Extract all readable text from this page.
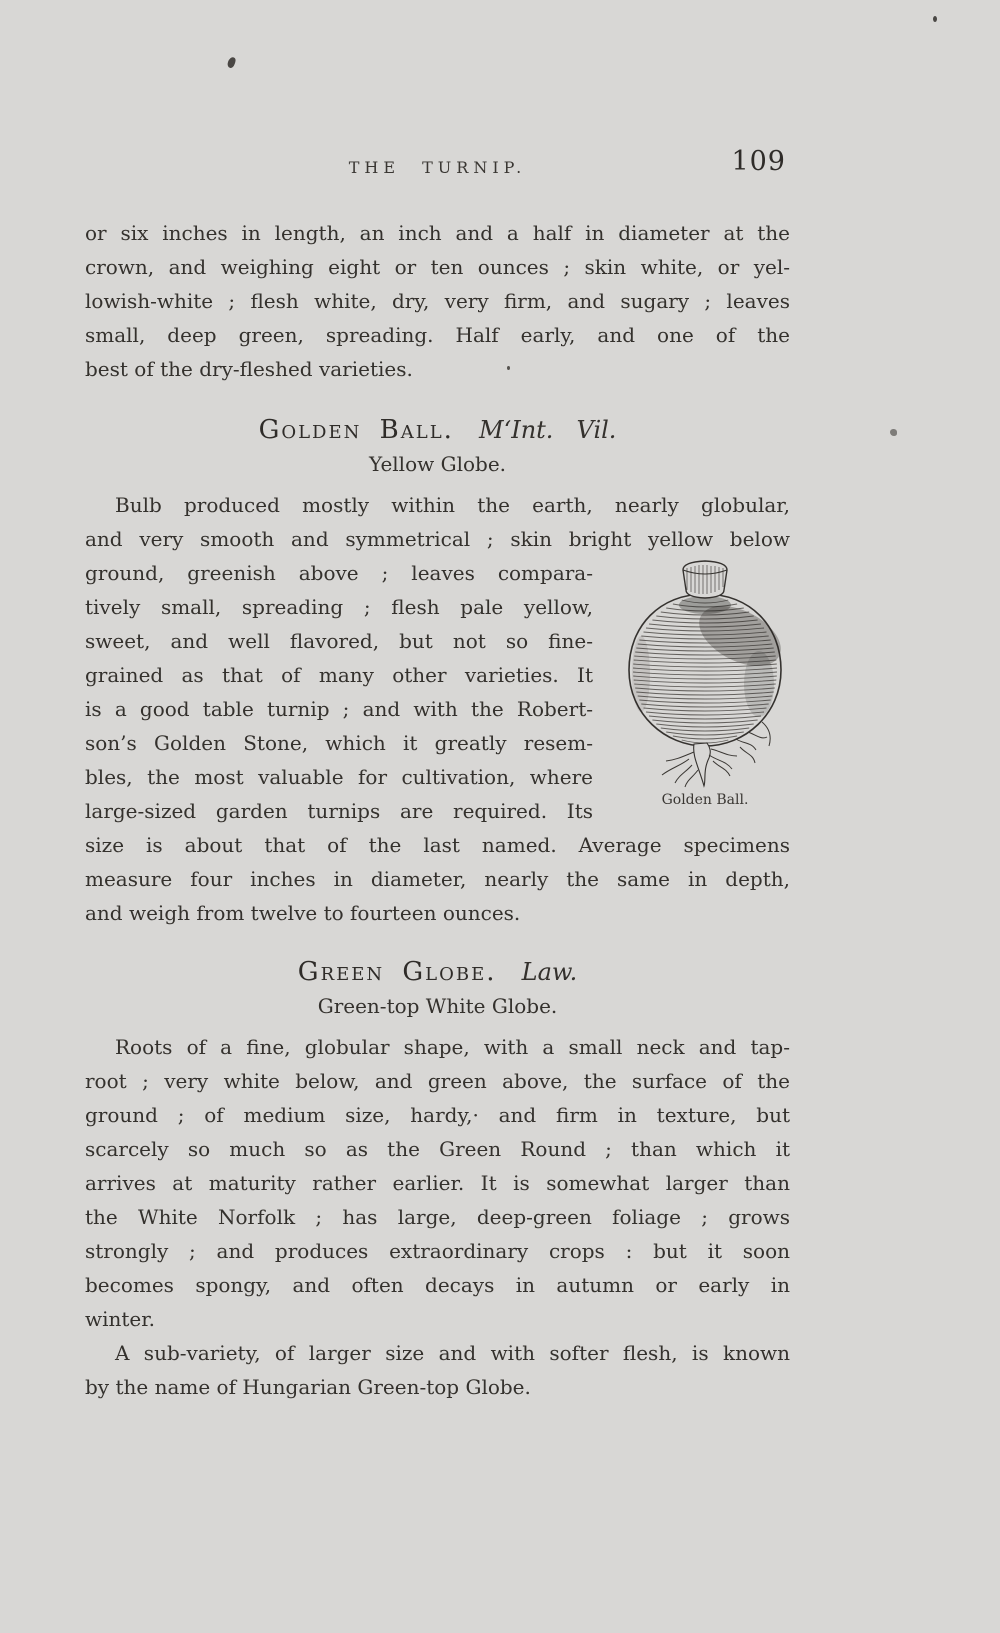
THE TURNIP.	109
or six inches in length, an inch and a half in diameter at the
crown, and weighing eight or ten ounces ; skin white, or yel-
lowish-white ; flesh white, dry, very firm, and sugary ; leaves
small, deep green, spreading. Half early, and one of the
best of the dry-fleshed varieties.
Golden Ball. M‘Int. Vil.
Yellow Globe.
Bulb produced mostly within the earth, nearly globular,
and very smooth and symmetrical ; skin bright yellow below
ground, greenish above ; leaves compara-
tively small, spreading ; flesh pale yellow,
sweet, and well flavored, but not so fine-
grained as that of many other varieties. It
is a good table turnip ; and with the Robert-
son’s Golden Stone, which it greatly resem-
bles, the most valuable for cultivation, where
large-sized garden turnips are required. Its
size is about that of the last named. Average specimens
measure four inches in diameter, nearly the same in depth,
and weigh from twelve to fourteen ounces.
Green Globe. Law.
Green-top White Globe.
Roots of a fine, globular shape, with a small neck and tap-
root ; very white below, and green above, the surface of the
ground ; of medium size, hardy,· and firm in texture, but
scarcely so much so as the Green Round ; than which it
arrives at maturity rather earlier. It is somewhat larger than
the White Norfolk ; has large, deep-green foliage ; grows
strongly ; and produces extraordinary crops : but it soon
becomes spongy, and often decays in autumn or early in
winter.
A sub-variety, of larger size and with softer flesh, is known
by the name of Hungarian Green-top Globe.
Golden Ball.
